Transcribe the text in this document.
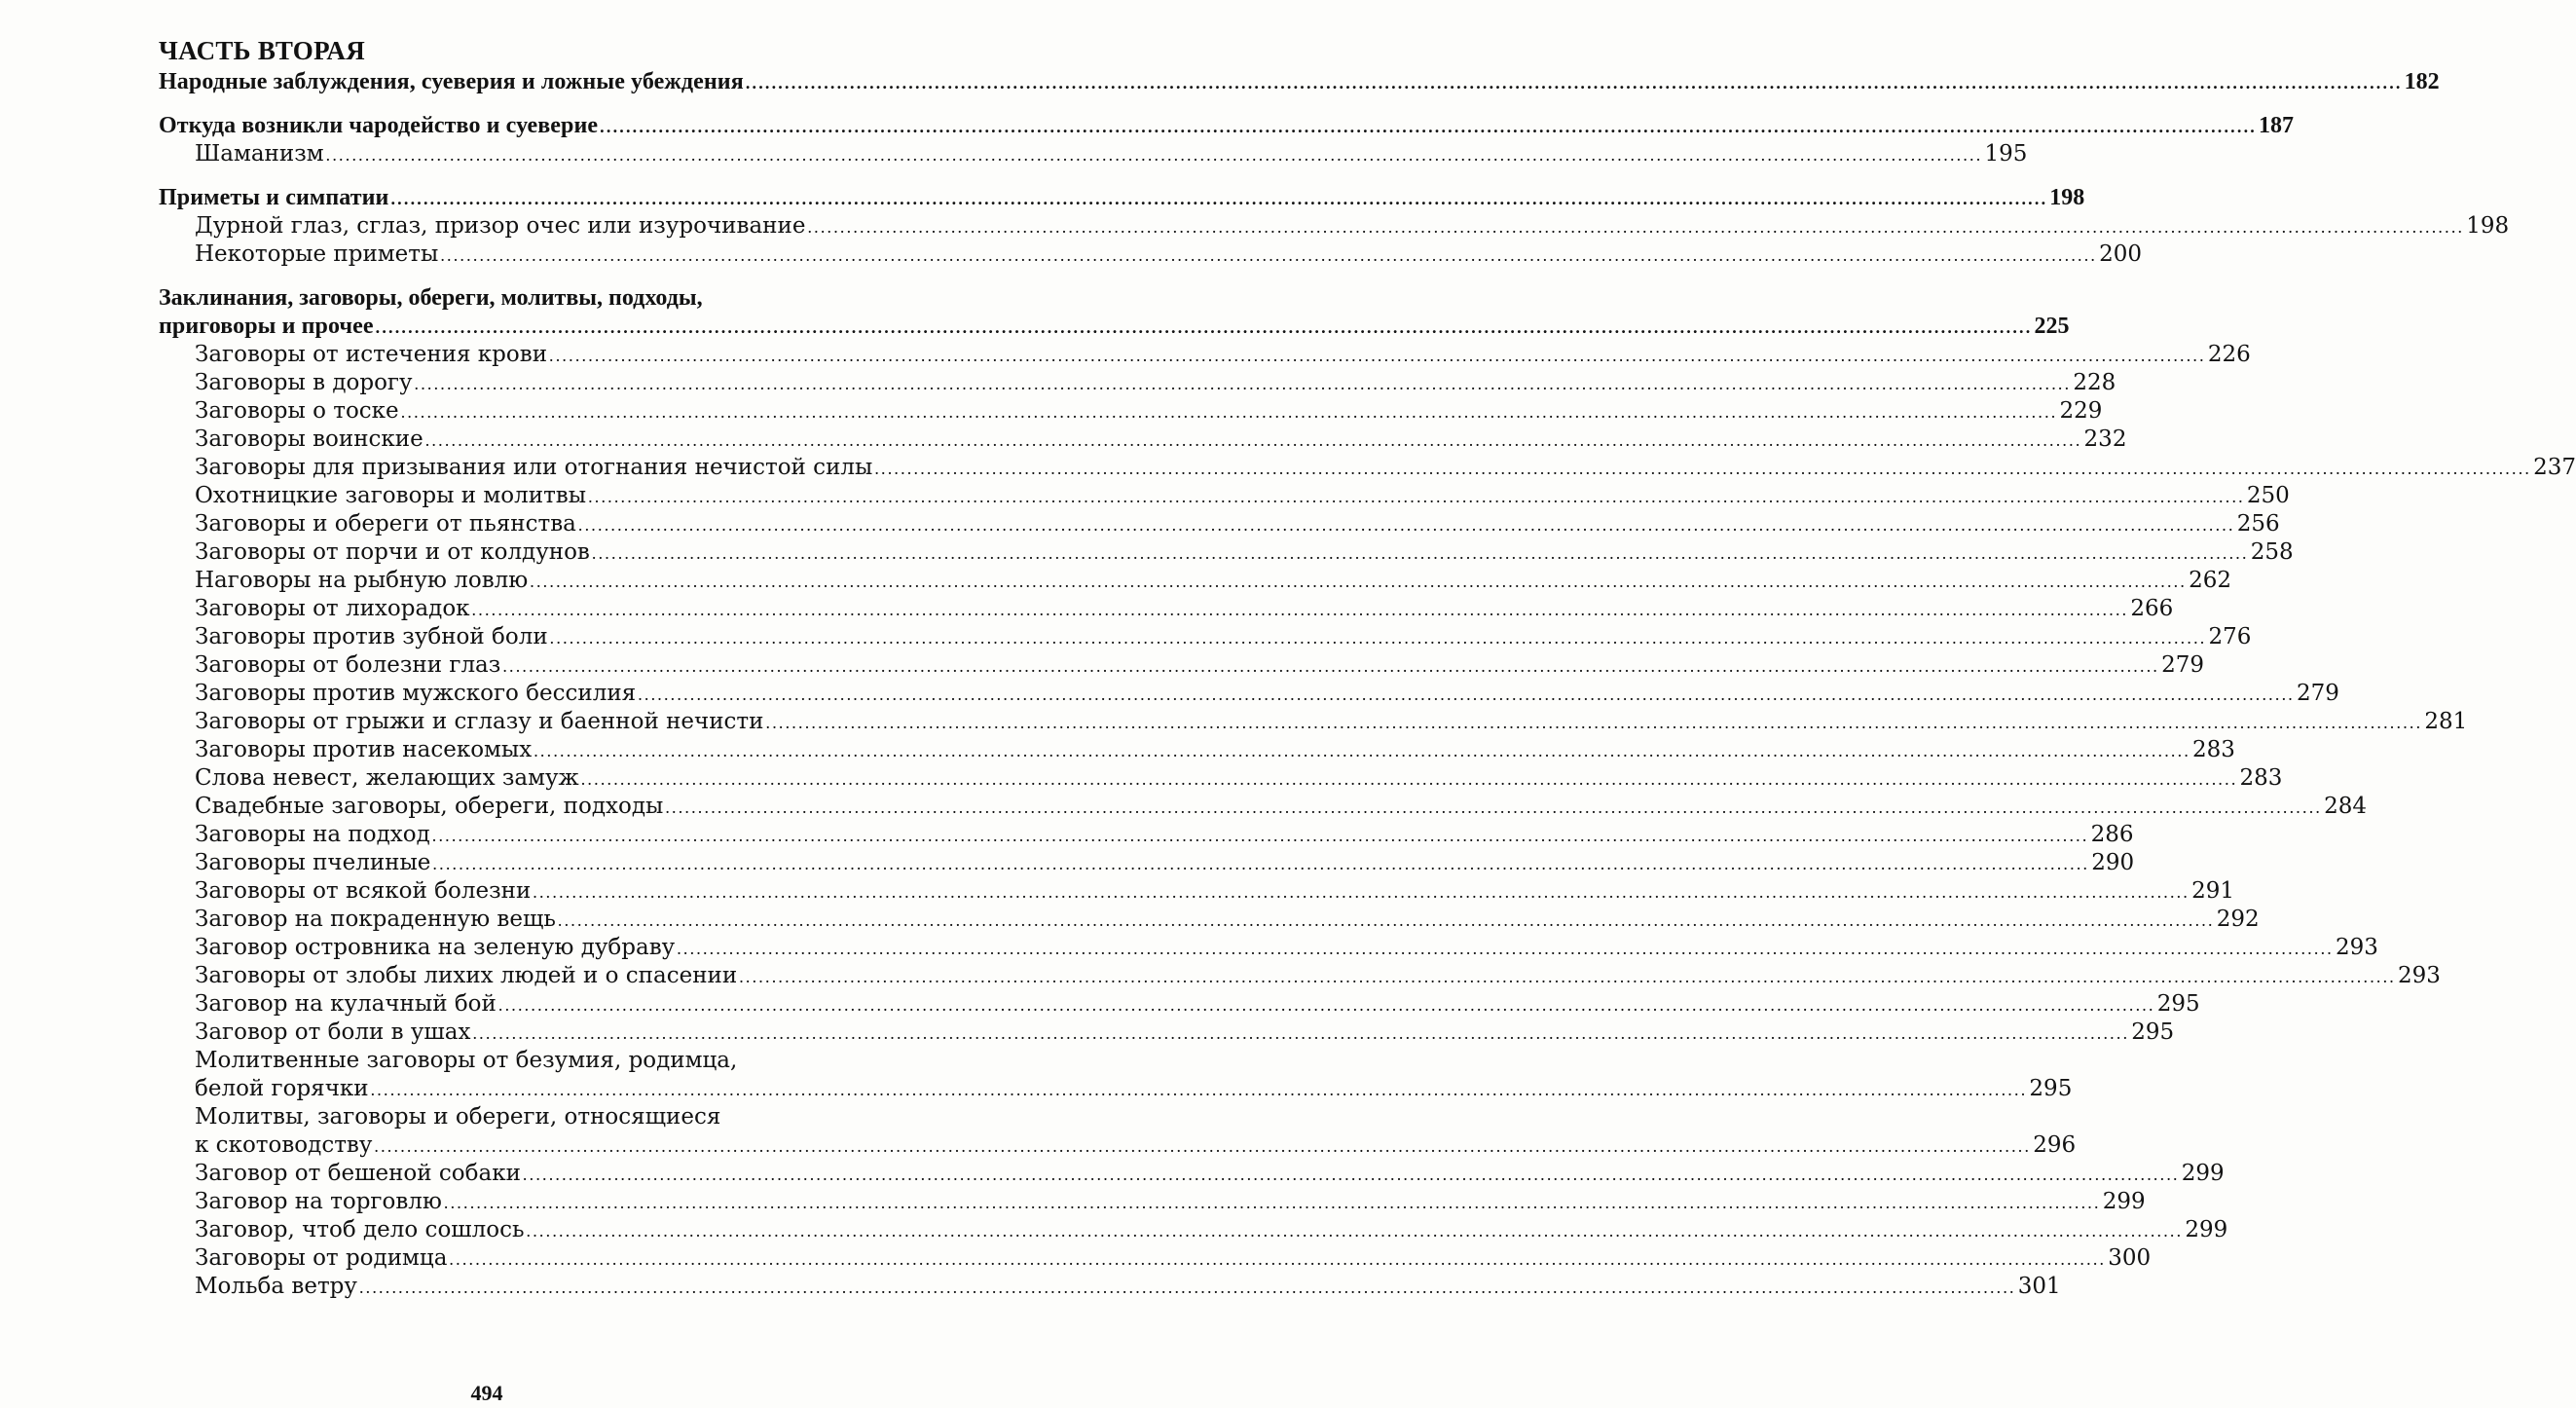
ЧАСТЬ ВТОРАЯ
Народные заблуждения, суеверия и ложные убеждения .....	182
Откуда возникли чародейство и суеверие .....	187
Шаманизм .....	195
Приметы и симпатии .....	198
Дурной глаз, сглаз, призор очес или изурочивание .....	198
Некоторые приметы .....	200
Заклинания, заговоры, обереги, молитвы, подходы,
приговоры и прочее .....	225
Заговоры от истечения крови .....	226
Заговоры в дорогу .....	228
Заговоры о тоске .....	229
Заговоры воинские .....	232
Заговоры для призывания или отогнания нечистой силы .....	237
Охотницкие заговоры и молитвы .....	250
Заговоры и обереги от пьянства .....	256
Заговоры от порчи и от колдунов .....	258
Наговоры на рыбную ловлю .....	262
Заговоры от лихорадок .....	266
Заговоры против зубной боли .....	276
Заговоры от болезни глаз .....	279
Заговоры против мужского бессилия .....	279
Заговоры от грыжи и сглазу и баенной нечисти .....	281
Заговоры против насекомых .....	283
Слова невест, желающих замуж .....	283
Свадебные заговоры, обереги, подходы .....	284
Заговоры на подход .....	286
Заговоры пчелиные .....	290
Заговоры от всякой болезни .....	291
Заговор на покраденную вещь .....	292
Заговор островника на зеленую дубраву .....	293
Заговоры от злобы лихих людей и о спасении .....	293
Заговор на кулачный бой .....	295
Заговор от боли в ушах .....	295
Молитвенные заговоры от безумия, родимца,
белой горячки .....	295
Молитвы, заговоры и обереги, относящиеся
к скотоводству .....	296
Заговор от бешеной собаки .....	299
Заговор на торговлю .....	299
Заговор, чтоб дело сошлось .....	299
Заговоры от родимца .....	300
Мольба ветру .....	301
494
